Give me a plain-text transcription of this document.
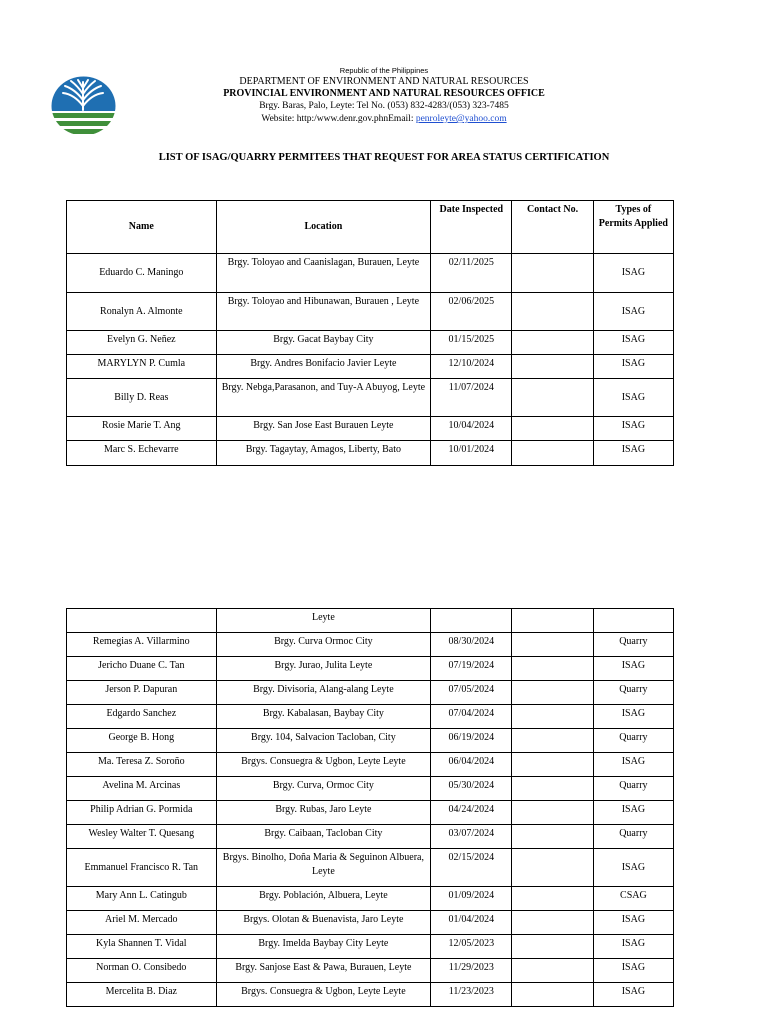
Republic of the Philippines
DEPARTMENT OF ENVIRONMENT AND NATURAL RESOURCES
PROVINCIAL ENVIRONMENT AND NATURAL RESOURCES OFFICE
Brgy. Baras, Palo, Leyte: Tel No. (053) 832-4283/(053) 323-7485
Website: http:/www.denr.gov.phnEmail: penroleyte@yahoo.com
LIST OF ISAG/QUARRY PERMITEES THAT REQUEST FOR AREA STATUS CERTIFICATION
Name	Location	Date Inspected	Contact No.	Types of Permits Applied
Eduardo C. Maningo	Brgy. Toloyao and Caanislagan, Burauen, Leyte	02/11/2025		ISAG
Ronalyn A. Almonte	Brgy. Toloyao and Hibunawan, Burauen , Leyte	02/06/2025		ISAG
Evelyn G. Neñez	Brgy. Gacat Baybay City	01/15/2025		ISAG
MARYLYN P. Cumla	Brgy. Andres Bonifacio Javier Leyte	12/10/2024		ISAG
Billy D. Reas	Brgy. Nebga,Parasanon, and Tuy-A Abuyog, Leyte	11/07/2024		ISAG
Rosie Marie T. Ang	Brgy. San Jose East Burauen Leyte	10/04/2024		ISAG
Marc S. Echevarre	Brgy. Tagaytay, Amagos, Liberty, Bato	10/01/2024		ISAG
	Leyte			
Remegias A. Villarmino	Brgy. Curva Ormoc City	08/30/2024		Quarry
Jericho Duane C. Tan	Brgy. Jurao, Julita Leyte	07/19/2024		ISAG
Jerson P. Dapuran	Brgy. Divisoria, Alang-alang Leyte	07/05/2024		Quarry
Edgardo Sanchez	Brgy. Kabalasan, Baybay City	07/04/2024		ISAG
George B. Hong	Brgy. 104, Salvacion Tacloban, City	06/19/2024		Quarry
Ma. Teresa Z. Soroño	Brgys. Consuegra & Ugbon, Leyte Leyte	06/04/2024		ISAG
Avelina M. Arcinas	Brgy. Curva, Ormoc City	05/30/2024		Quarry
Philip Adrian G. Pormida	Brgy. Rubas, Jaro Leyte	04/24/2024		ISAG
Wesley Walter T. Quesang	Brgy. Caibaan, Tacloban City	03/07/2024		Quarry
Emmanuel Francisco R. Tan	Brgys. Binolho, Doña Maria & Seguinon Albuera, Leyte	02/15/2024		ISAG
Mary Ann L. Catingub	Brgy. Población, Albuera, Leyte	01/09/2024		CSAG
Ariel M. Mercado	Brgys. Olotan & Buenavista, Jaro Leyte	01/04/2024		ISAG
Kyla Shannen T. Vidal	Brgy. Imelda Baybay City Leyte	12/05/2023		ISAG
Norman O. Consibedo	Brgy. Sanjose East & Pawa, Burauen, Leyte	11/29/2023		ISAG
Mercelita B. Diaz	Brgys. Consuegra & Ugbon, Leyte Leyte	11/23/2023		ISAG
